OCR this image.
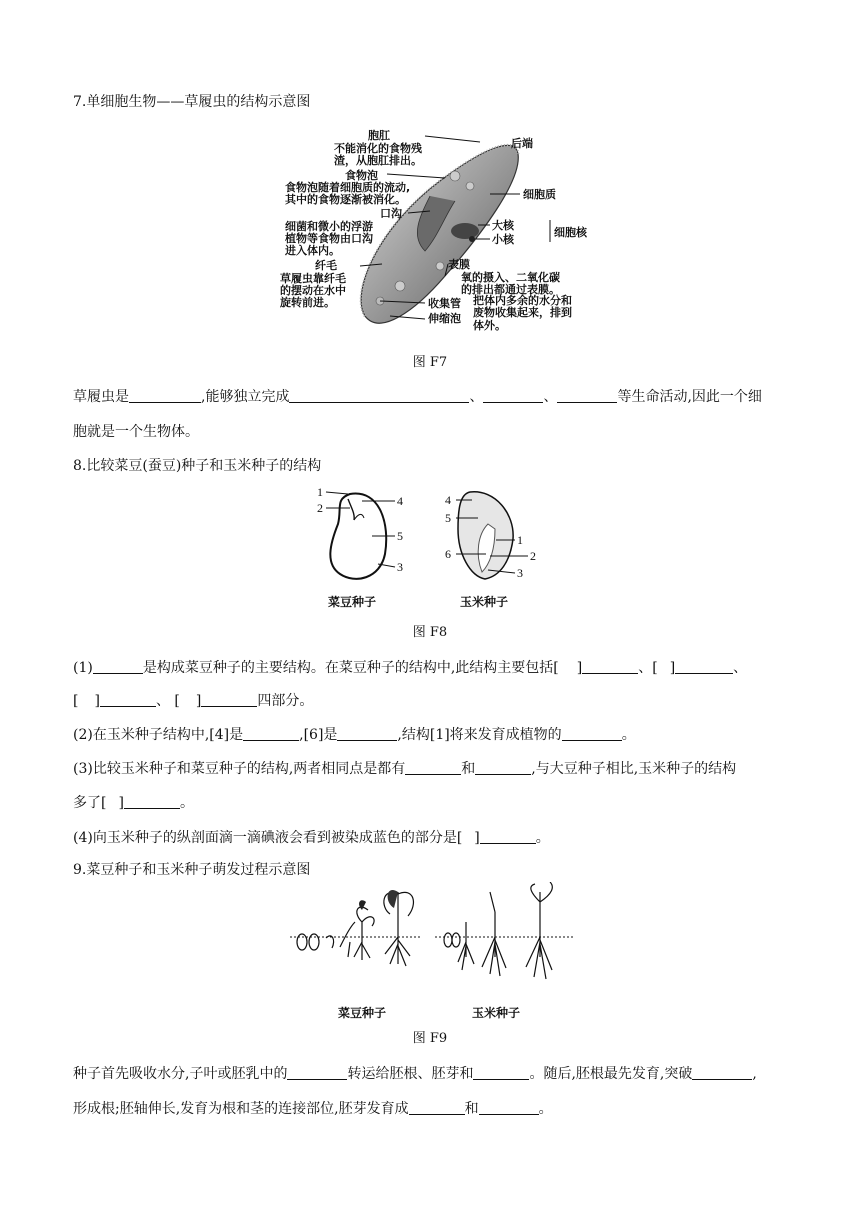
7.单细胞生物——草履虫的结构示意图
胞肛
不能消化的食物残
渣，从胞肛排出。
后端
食物泡
食物泡随着细胞质的流动,
其中的食物逐渐被消化。	细胞质
口沟
细菌和微小的浮游
植物等食物由口沟
进入体内。
大核
小核
细胞核
纤毛
草履虫靠纤毛
的摆动在水中
旋转前进。
表膜
氧的摄入、二氧化碳
的排出都通过表膜。
收集管
伸缩泡
把体内多余的水分和
废物收集起来，排到
体外。
图 F7
草履虫是	,能够独立完成	、	、	等生命活动,因此一个细
胞就是一个生物体。
8.比较菜豆(蚕豆)种子和玉米种子的结构
1
2	4
5
3
菜豆种子
4
5
6
1
2
3
玉米种子
图 F8
(1)	是构成菜豆种子的主要结构。在菜豆种子的结构中,此结构主要包括[ ]	、[ ]	、
[ ]	、 [ ]	四部分。
(2)在玉米种子结构中,[4]是	,[6]是	,结构[1]将来发育成植物的	。
(3)比较玉米种子和菜豆种子的结构,两者相同点是都有	和	,与大豆种子相比,玉米种子的结构
多了[ ]	。
(4)向玉米种子的纵剖面滴一滴碘液会看到被染成蓝色的部分是[ ]	。
9.菜豆种子和玉米种子萌发过程示意图
菜豆种子	玉米种子
图 F9
种子首先吸收水分,子叶或胚乳中的	转运给胚根、胚芽和	。随后,胚根最先发育,突破	,
形成根;胚轴伸长,发育为根和茎的连接部位,胚芽发育成	和	。
